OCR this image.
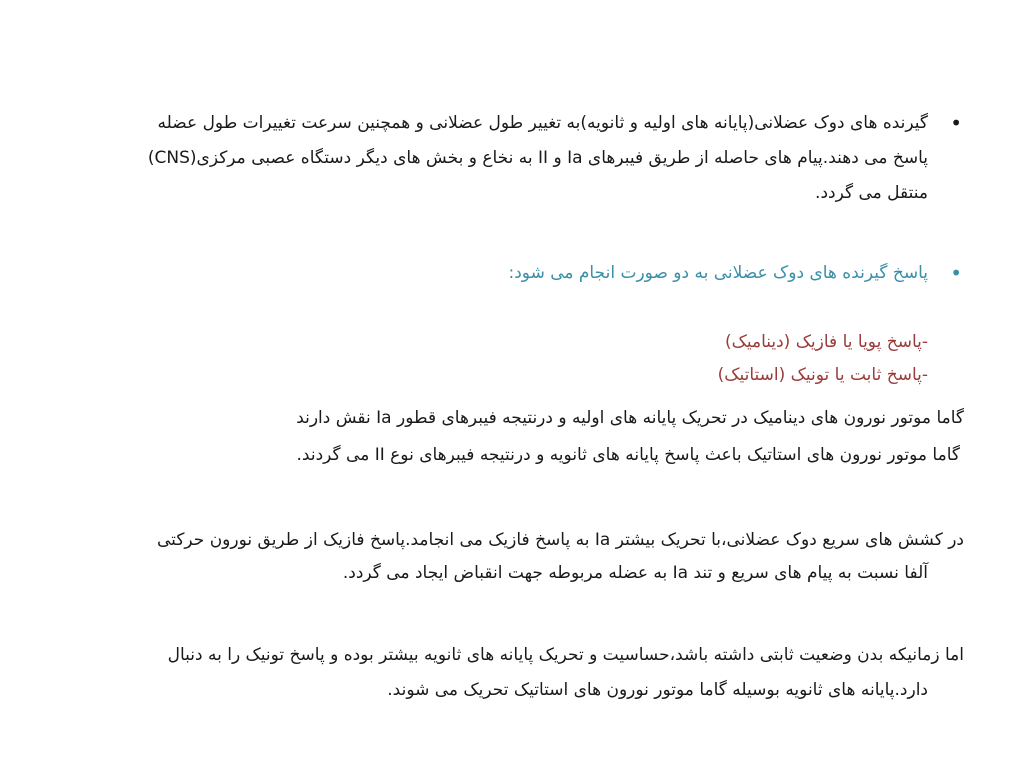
•
گیرنده های دوک عضلانی(پایانه های اولیه و ثانویه)به تغییر طول عضلانی و همچنین سرعت تغییرات طول عضله
پاسخ می دهند.پیام های حاصله از طریق فیبرهای Ia و II به نخاع و بخش های دیگر دستگاه عصبی مرکزی(CNS)
منتقل می گردد.
•
پاسخ گیرنده های دوک عضلانی به دو صورت انجام می شود:
-پاسخ پویا یا فازیک (دینامیک)
-پاسخ ثابت یا تونیک (استاتیک)
گاما موتور نورون های دینامیک در تحریک پایانه های اولیه و درنتیجه فیبرهای قطور Ia نقش دارند
گاما موتور نورون های استاتیک باعث پاسخ پایانه های ثانویه و درنتیجه فیبرهای نوع II می گردند.
در کشش های سریع دوک عضلانی،با تحریک بیشتر Ia به پاسخ فازیک می انجامد.پاسخ فازیک از طریق نورون حرکتی
آلفا نسبت به پیام های سریع و تند Ia به عضله مربوطه جهت انقباض ایجاد می گردد.
اما زمانیکه بدن وضعیت ثابتی داشته باشد،حساسیت و تحریک پایانه های ثانویه بیشتر بوده و پاسخ تونیک را به دنبال
دارد.پایانه های ثانویه بوسیله گاما موتور نورون های استاتیک تحریک می شوند.
